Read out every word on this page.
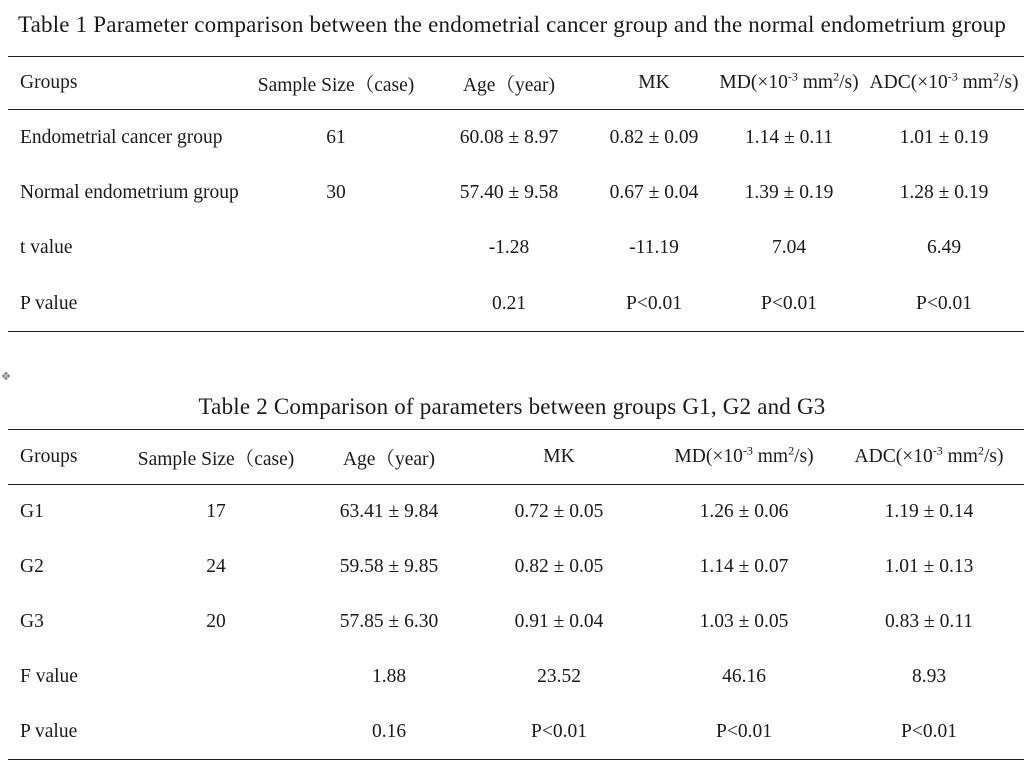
Table 1 Parameter comparison between the endometrial cancer group and the normal endometrium group
Groups	Sample Size（case)	Age（year)	MK	$MD(\times 10^{-3}$ $mm^2/s$)	$ADC(\times 10^{-3}$ $mm^2/s$)
Endometrial cancer group	61	60.08 ± 8.97	0.82 ± 0.09	1.14 ± 0.11	1.01 ± 0.19
Normal endometrium group	30	57.40 ± 9.58	0.67 ± 0.04	1.39 ± 0.19	1.28 ± 0.19
t value		-1.28	-11.19	7.04	6.49
P value		0.21	P<0.01	P<0.01	P<0.01
✥
Table 2 Comparison of parameters between groups G1, G2 and G3
Groups	Sample Size（case)	Age（year)	MK	$MD(\times 10^{-3}$ $mm^2/s$)	$ADC(\times 10^{-3}$ $mm^2/s$)
G1	17	63.41 ± 9.84	0.72 ± 0.05	1.26 ± 0.06	1.19 ± 0.14
G2	24	59.58 ± 9.85	0.82 ± 0.05	1.14 ± 0.07	1.01 ± 0.13
G3	20	57.85 ± 6.30	0.91 ± 0.04	1.03 ± 0.05	0.83 ± 0.11
F value		1.88	23.52	46.16	8.93
P value		0.16	P<0.01	P<0.01	P<0.01
